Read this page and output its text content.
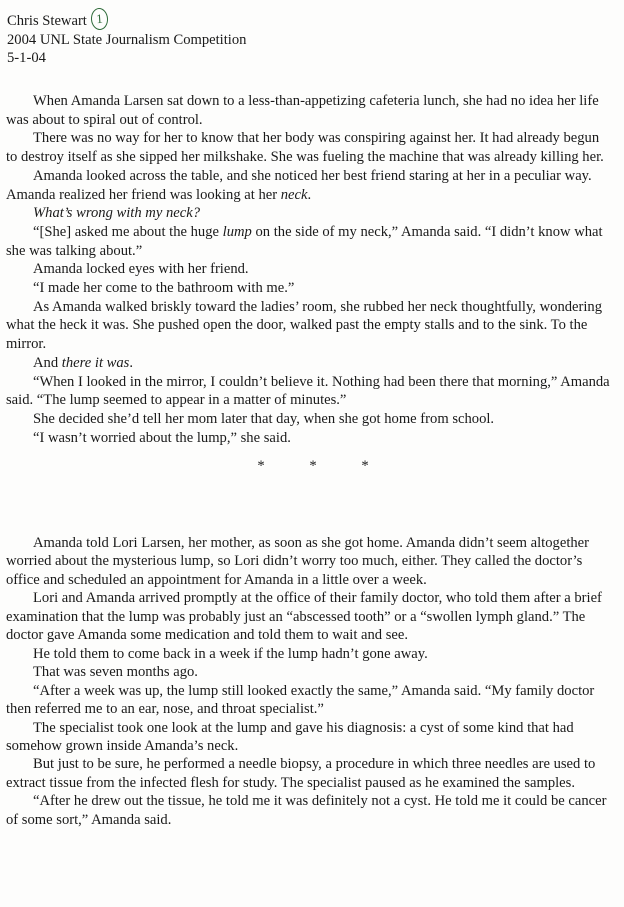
Chris Stewart 1
2004 UNL State Journalism Competition
5-1-04

When Amanda Larsen sat down to a less-than-appetizing cafeteria lunch, she had no idea her life was about to spiral out of control.

There was no way for her to know that her body was conspiring against her. It had already begun to destroy itself as she sipped her milkshake. She was fueling the machine that was already killing her.

Amanda looked across the table, and she noticed her best friend staring at her in a peculiar way. Amanda realized her friend was looking at her neck.

What’s wrong with my neck?

“[She] asked me about the huge lump on the side of my neck,” Amanda said. “I didn’t know what she was talking about.”

Amanda locked eyes with her friend.

“I made her come to the bathroom with me.”

As Amanda walked briskly toward the ladies’ room, she rubbed her neck thoughtfully, wondering what the heck it was. She pushed open the door, walked past the empty stalls and to the sink. To the mirror.

And there it was.

“When I looked in the mirror, I couldn’t believe it. Nothing had been there that morning,” Amanda said. “The lump seemed to appear in a matter of minutes.”

She decided she’d tell her mom later that day, when she got home from school.

“I wasn’t worried about the lump,” she said.

*	*	*

Amanda told Lori Larsen, her mother, as soon as she got home. Amanda didn’t seem altogether worried about the mysterious lump, so Lori didn’t worry too much, either. They called the doctor’s office and scheduled an appointment for Amanda in a little over a week.

Lori and Amanda arrived promptly at the office of their family doctor, who told them after a brief examination that the lump was probably just an “abscessed tooth” or a “swollen lymph gland.” The doctor gave Amanda some medication and told them to wait and see.

He told them to come back in a week if the lump hadn’t gone away.

That was seven months ago.

“After a week was up, the lump still looked exactly the same,” Amanda said. “My family doctor then referred me to an ear, nose, and throat specialist.”

The specialist took one look at the lump and gave his diagnosis: a cyst of some kind that had somehow grown inside Amanda’s neck.

But just to be sure, he performed a needle biopsy, a procedure in which three needles are used to extract tissue from the infected flesh for study. The specialist paused as he examined the samples.

“After he drew out the tissue, he told me it was definitely not a cyst. He told me it could be cancer of some sort,” Amanda said.
